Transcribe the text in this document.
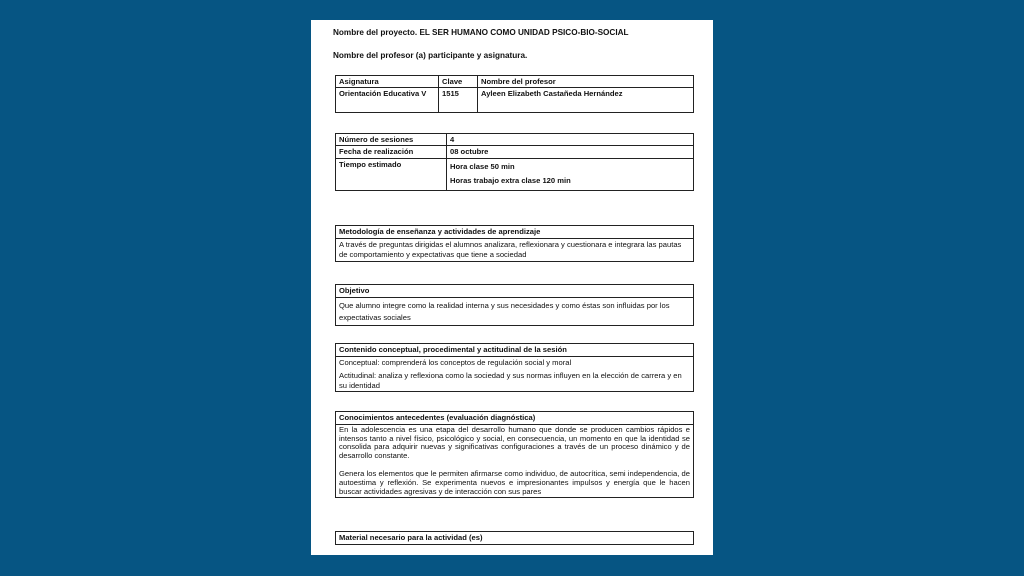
Nombre del proyecto. EL SER HUMANO COMO UNIDAD PSICO-BIO-SOCIAL
Nombre del profesor (a) participante y asignatura.
Asignatura	Clave	Nombre del profesor
Orientación Educativa V	1515	Ayleen Elizabeth Castañeda Hernández
Número de sesiones	4
Fecha de realización	08 octubre
Tiempo estimado	Hora clase 50 min
Horas trabajo extra clase 120 min
Metodología de enseñanza y actividades de aprendizaje
A través de preguntas dirigidas el alumnos analizara, reflexionara y cuestionara e integrara las pautas de comportamiento y expectativas que tiene a sociedad
Objetivo
Que alumno integre como la realidad interna y sus necesidades y como éstas son influidas por los expectativas sociales
Contenido conceptual, procedimental y actitudinal de la sesión

Conceptual: comprenderá los conceptos de regulación social y moral

Actitudinal: analiza y reflexiona como la sociedad y sus normas influyen en la elección de carrera y en su identidad

Conocimientos antecedentes (evaluación diagnóstica)

En la adolescencia es una etapa del desarrollo humano que donde se producen cambios rápidos e intensos tanto a nivel físico, psicológico y social, en consecuencia, un momento en que la identidad se consolida para adquirir nuevas y significativas configuraciones a través de un proceso dinámico y de desarrollo constante.

Genera los elementos que le permiten afirmarse como individuo, de autocrítica, semi independencia, de autoestima y reflexión. Se experimenta nuevos e impresionantes impulsos y energía que le hacen buscar actividades agresivas y de interacción con sus pares

Material necesario para la actividad (es)
